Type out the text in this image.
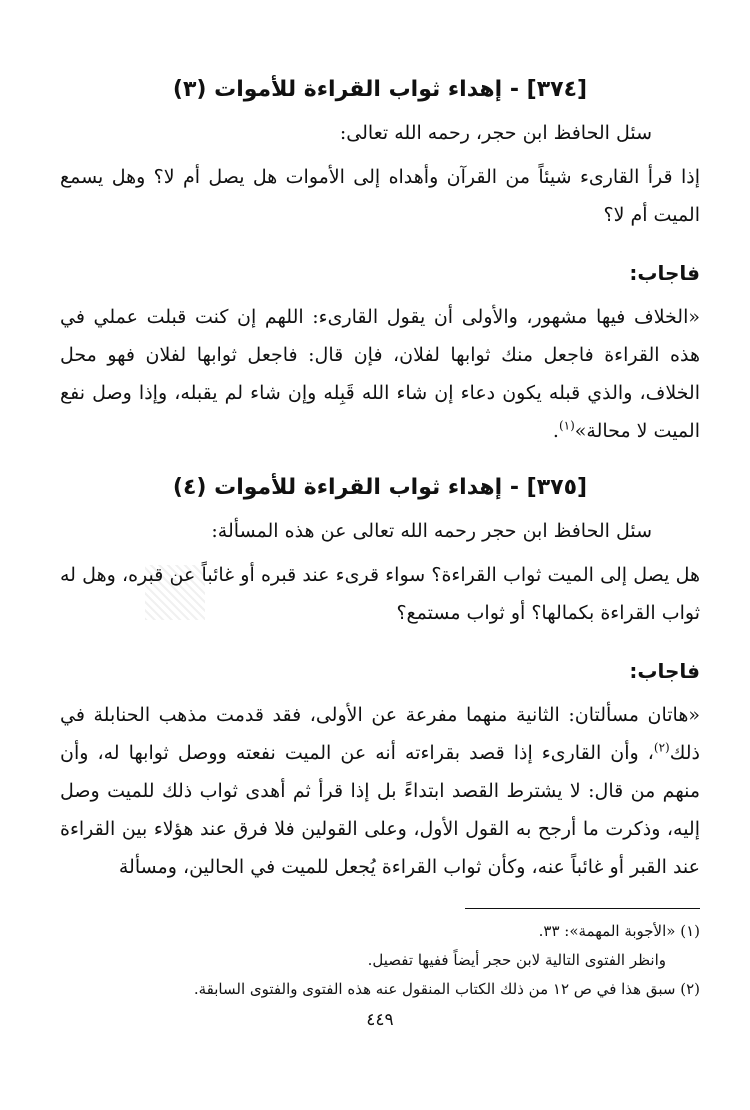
[٣٧٤] - إهداء ثواب القراءة للأموات (٣)

سئل الحافظ ابن حجر، رحمه الله تعالى:

إذا قرأ القارىء شيئاً من القرآن وأهداه إلى الأموات هل يصل أم لا؟ وهل يسمع الميت أم لا؟

فاجاب:

«الخلاف فيها مشهور، والأولى أن يقول القارىء: اللهم إن كنت قبلت عملي في هذه القراءة فاجعل منك ثوابها لفلان، فإن قال: فاجعل ثوابها لفلان فهو محل الخلاف، والذي قبله يكون دعاء إن شاء الله قَبِله وإن شاء لم يقبله، وإذا وصل نفع الميت لا محالة»$^{(١)}$.

[٣٧٥] - إهداء ثواب القراءة للأموات (٤)

سئل الحافظ ابن حجر رحمه الله تعالى عن هذه المسألة:

هل يصل إلى الميت ثواب القراءة؟ سواء قرىء عند قبره أو غائباً عن قبره، وهل له ثواب القراءة بكمالها؟ أو ثواب مستمع؟

فاجاب:

«هاتان مسألتان: الثانية منهما مفرعة عن الأولى، فقد قدمت مذهب الحنابلة في ذلك$^{(٢)}$، وأن القارىء إذا قصد بقراءته أنه عن الميت نفعته ووصل ثوابها له، وأن منهم من قال: لا يشترط القصد ابتداءً بل إذا قرأ ثم أهدى ثواب ذلك للميت وصل إليه، وذكرت ما أرجح به القول الأول، وعلى القولين فلا فرق عند هؤلاء بين القراءة عند القبر أو غائباً عنه، وكأن ثواب القراءة يُجعل للميت في الحالين، ومسألة

(١) «الأجوبة المهمة»: ٣٣.

وانظر الفتوى التالية لابن حجر أيضاً ففيها تفصيل.

(٢) سبق هذا في ص ١٢ من ذلك الكتاب المنقول عنه هذه الفتوى والفتوى السابقة.

٤٤٩
